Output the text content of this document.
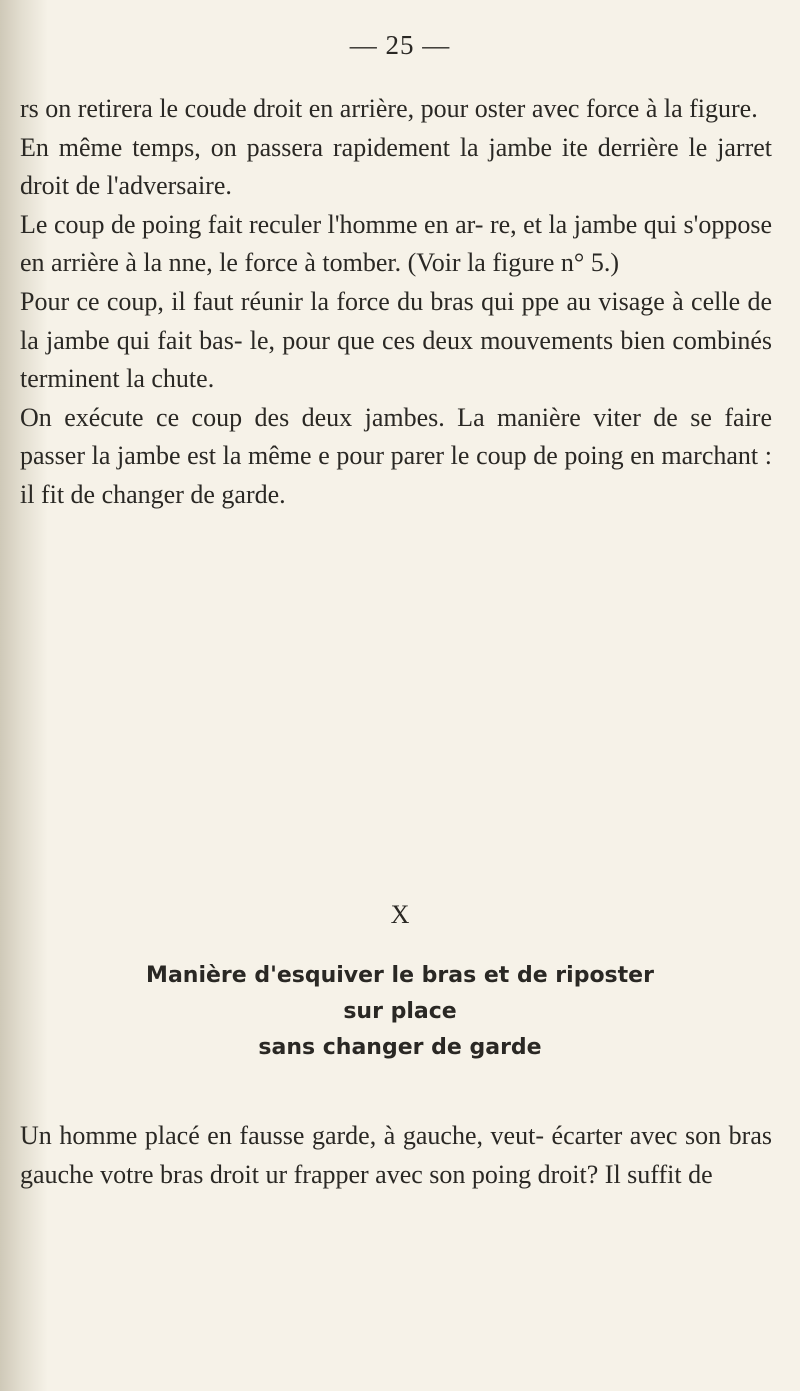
— 25 —

rs on retirera le coude droit en arrière, pour oster avec force à la figure.

En même temps, on passera rapidement la jambe ite derrière le jarret droit de l'adversaire.

Le coup de poing fait reculer l'homme en ar- re, et la jambe qui s'oppose en arrière à la nne, le force à tomber. (Voir la figure n° 5.)

Pour ce coup, il faut réunir la force du bras qui ppe au visage à celle de la jambe qui fait bas- le, pour que ces deux mouvements bien combinés terminent la chute.

On exécute ce coup des deux jambes. La manière viter de se faire passer la jambe est la même e pour parer le coup de poing en marchant : il fit de changer de garde.

X
Manière d'esquiver le bras et de riposter
sur place
sans changer de garde

Un homme placé en fausse garde, à gauche, veut- écarter avec son bras gauche votre bras droit ur frapper avec son poing droit? Il suffit de
